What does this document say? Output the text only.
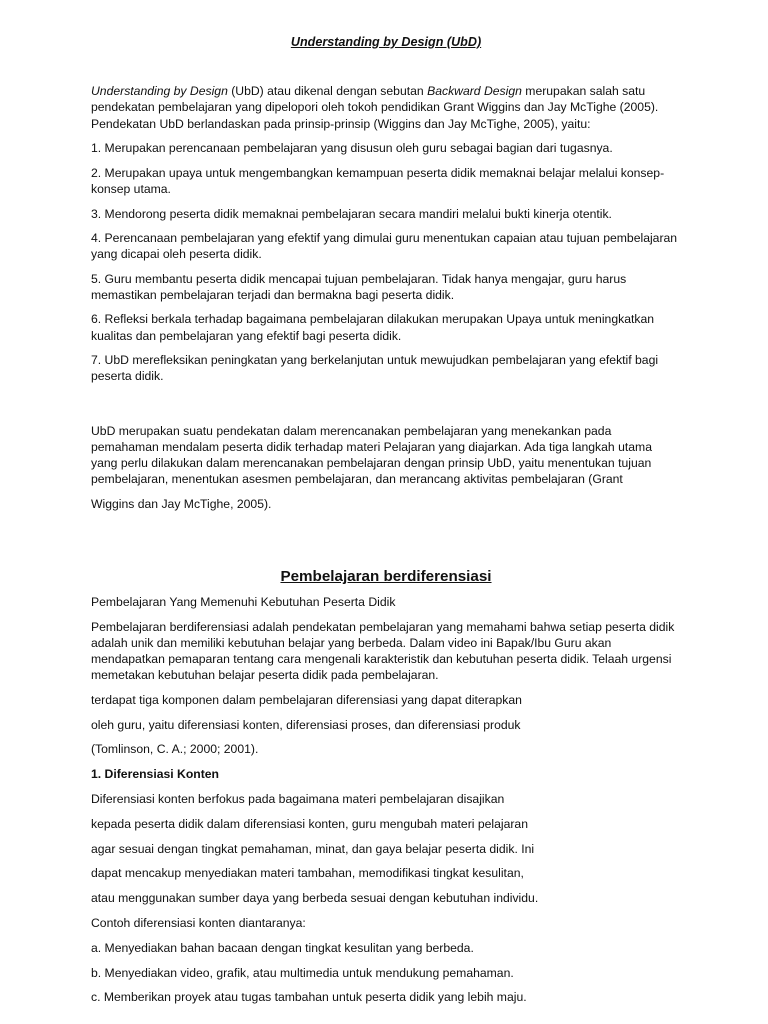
Understanding by Design (UbD)
Understanding by Design (UbD) atau dikenal dengan sebutan Backward Design merupakan salah satu pendekatan pembelajaran yang dipelopori oleh tokoh pendidikan Grant Wiggins dan Jay McTighe (2005). Pendekatan UbD berlandaskan pada prinsip-prinsip (Wiggins dan Jay McTighe, 2005), yaitu:
1. Merupakan perencanaan pembelajaran yang disusun oleh guru sebagai bagian dari tugasnya.
2. Merupakan upaya untuk mengembangkan kemampuan peserta didik memaknai belajar melalui konsep-konsep utama.
3. Mendorong peserta didik memaknai pembelajaran secara mandiri melalui bukti kinerja otentik.
4. Perencanaan pembelajaran yang efektif yang dimulai guru menentukan capaian atau tujuan pembelajaran yang dicapai oleh peserta didik.
5. Guru membantu peserta didik mencapai tujuan pembelajaran. Tidak hanya mengajar, guru harus memastikan pembelajaran terjadi dan bermakna bagi peserta didik.
6. Refleksi berkala terhadap bagaimana pembelajaran dilakukan merupakan Upaya untuk meningkatkan kualitas dan pembelajaran yang efektif bagi peserta didik.
7. UbD merefleksikan peningkatan yang berkelanjutan untuk mewujudkan pembelajaran yang efektif bagi peserta didik.
UbD merupakan suatu pendekatan dalam merencanakan pembelajaran yang menekankan pada pemahaman mendalam peserta didik terhadap materi Pelajaran yang diajarkan. Ada tiga langkah utama yang perlu dilakukan dalam merencanakan pembelajaran dengan prinsip UbD, yaitu menentukan tujuan pembelajaran, menentukan asesmen pembelajaran, dan merancang aktivitas pembelajaran (Grant
Wiggins dan Jay McTighe, 2005).
Pembelajaran berdiferensiasi
Pembelajaran Yang Memenuhi Kebutuhan Peserta Didik
Pembelajaran berdiferensiasi adalah pendekatan pembelajaran yang memahami bahwa setiap peserta didik adalah unik dan memiliki kebutuhan belajar yang berbeda. Dalam video ini Bapak/Ibu Guru akan mendapatkan pemaparan tentang cara mengenali karakteristik dan kebutuhan peserta didik. Telaah urgensi memetakan kebutuhan belajar peserta didik pada pembelajaran.
terdapat tiga komponen dalam pembelajaran diferensiasi yang dapat diterapkan
oleh guru, yaitu diferensiasi konten, diferensiasi proses, dan diferensiasi produk
(Tomlinson, C. A.; 2000; 2001).
1. Diferensiasi Konten
Diferensiasi konten berfokus pada bagaimana materi pembelajaran disajikan
kepada peserta didik dalam diferensiasi konten, guru mengubah materi pelajaran
agar sesuai dengan tingkat pemahaman, minat, dan gaya belajar peserta didik. Ini
dapat mencakup menyediakan materi tambahan, memodifikasi tingkat kesulitan,
atau menggunakan sumber daya yang berbeda sesuai dengan kebutuhan individu.
Contoh diferensiasi konten diantaranya:
a. Menyediakan bahan bacaan dengan tingkat kesulitan yang berbeda.
b. Menyediakan video, grafik, atau multimedia untuk mendukung pemahaman.
c. Memberikan proyek atau tugas tambahan untuk peserta didik yang lebih maju.
